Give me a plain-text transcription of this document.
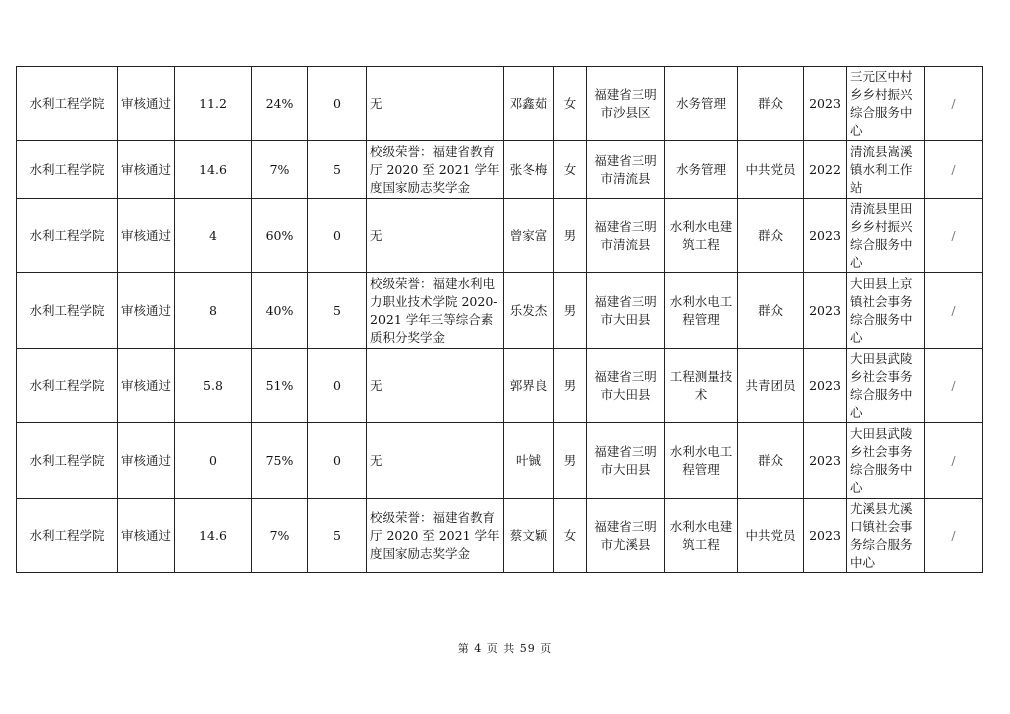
水利工程学院	审核通过	11.2	24%	0	无	邓鑫茹	女	福建省三明市沙县区	水务管理	群众	2023	三元区中村乡乡村振兴综合服务中心	/
水利工程学院	审核通过	14.6	7%	5	校级荣誉：福建省教育厅 2020 至 2021 学年度国家励志奖学金	张冬梅	女	福建省三明市清流县	水务管理	中共党员	2022	清流县嵩溪镇水利工作站	/
水利工程学院	审核通过	4	60%	0	无	曾家富	男	福建省三明市清流县	水利水电建筑工程	群众	2023	清流县里田乡乡村振兴综合服务中心	/
水利工程学院	审核通过	8	40%	5	校级荣誉：福建水利电力职业技术学院 2020-2021 学年三等综合素质积分奖学金	乐发杰	男	福建省三明市大田县	水利水电工程管理	群众	2023	大田县上京镇社会事务综合服务中心	/
水利工程学院	审核通过	5.8	51%	0	无	郭界良	男	福建省三明市大田县	工程测量技术	共青团员	2023	大田县武陵乡社会事务综合服务中心	/
水利工程学院	审核通过	0	75%	0	无	叶铖	男	福建省三明市大田县	水利水电工程管理	群众	2023	大田县武陵乡社会事务综合服务中心	/
水利工程学院	审核通过	14.6	7%	5	校级荣誉：福建省教育厅 2020 至 2021 学年度国家励志奖学金	蔡文颖	女	福建省三明市尤溪县	水利水电建筑工程	中共党员	2023	尤溪县尤溪口镇社会事务综合服务中心	/
第 4 页 共 59 页
